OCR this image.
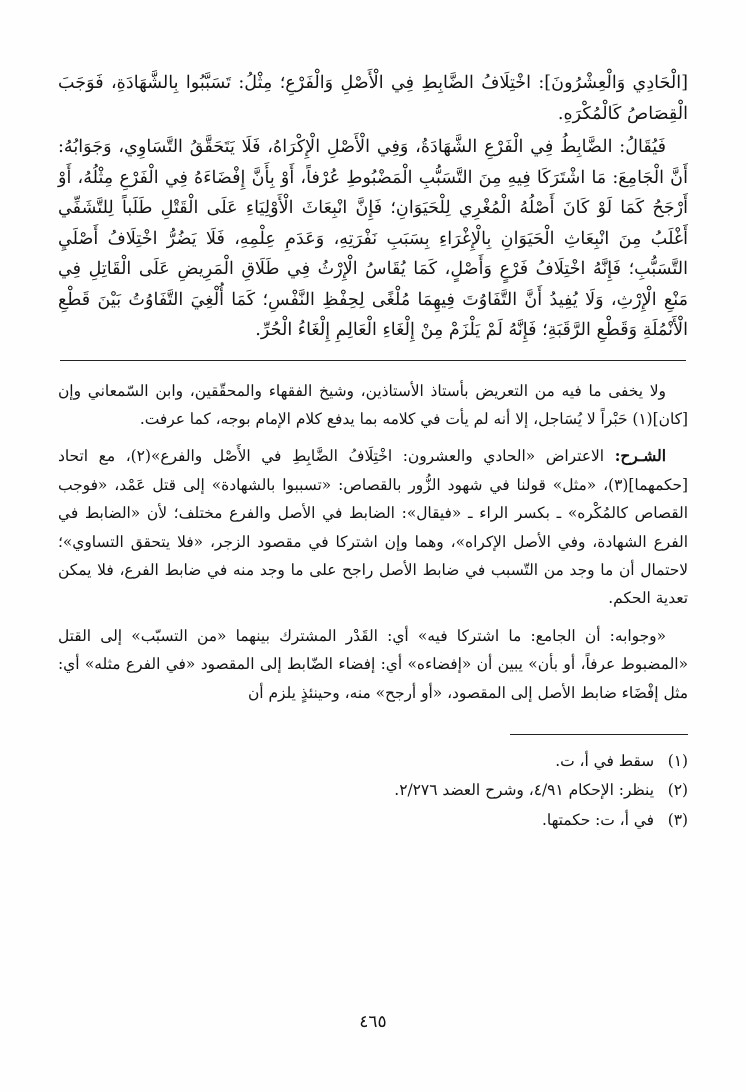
[الْحَادِي وَالْعِشْرُونَ]: اخْتِلَافُ الضَّابِطِ فِي الْأَصْلِ وَالْفَرْعِ؛ مِثْلُ: تَسَبَّبُوا بِالشَّهَادَةِ، فَوَجَبَ الْقِصَاصُ كَالْمُكْرَهِ.

فَيُقَالُ: الضَّابِطُ فِي الْفَرْعِ الشَّهَادَةُ، وَفِي الْأَصْلِ الْإِكْرَاهُ، فَلَا يَتَحَقَّقُ التَّسَاوِي، وَجَوَابُهُ: أَنَّ الْجَامِعَ: مَا اشْتَرَكَا فِيهِ مِنَ التَّسَبُّبِ الْمَضْبُوطِ عُرْفاً، أَوْ بِأَنَّ إِفْضَاءَهُ فِي الْفَرْعِ مِثْلُهُ، أَوْ أَرْجَحُ كَمَا لَوْ كَانَ أَصْلُهُ الْمُغْرِي لِلْحَيَوَانِ؛ فَإِنَّ انْبِعَاثَ الْأَوْلِيَاءِ عَلَى الْقَتْلِ طَلَباً لِلتَّشَفِّي أَغْلَبُ مِنَ انْبِعَاثِ الْحَيَوَانِ بِالْإِغْرَاءِ بِسَبَبِ نَفْرَتِهِ، وَعَدَمِ عِلْمِهِ، فَلَا يَضُرُّ اخْتِلَافُ أَصْلَيِ التَّسَبُّبِ؛ فَإِنَّهُ اخْتِلَافُ فَرْعٍ وَأَصْلٍ، كَمَا يُقَاسُ الْإِرْثُ فِي طَلَاقِ الْمَرِيضِ عَلَى الْقَاتِلِ فِي مَنْعِ الْإِرْثِ، وَلَا يُفِيدُ أَنَّ التَّفَاوُتَ فِيهِمَا مُلْغًى لِحِفْظِ النَّفْسِ؛ كَمَا أُلْغِيَ التَّفَاوُتُ بَيْنَ قَطْعِ الْأَنْمُلَةِ وَقَطْعِ الرَّقَبَةِ؛ فَإِنَّهُ لَمْ يَلْزَمْ مِنْ إِلْغَاءِ الْعَالِمِ إِلْغَاءُ الْحُرِّ.

ولا يخفى ما فيه من التعريض بأستاذ الأستاذين، وشيخ الفقهاء والمحقّقين، وابن السّمعاني وإن [كان](١) حَبْراً لا يُسَاجل، إلا أنه لم يأت في كلامه بما يدفع كلام الإمام بوجه، كما عرفت.

الشـرح: الاعتراض «الحادي والعشرون: اخْتِلَافُ الضَّابِطِ في الأَصْل والفرع»(٢)، مع اتحاد [حكمهما](٣)، «مثل» قولنا في شهود الزُّور بالقصاص: «تسببوا بالشهادة» إلى قتل عَمْد، «فوجب القصاص كالمُكْره» ـ بكسر الراء ـ «فيقال»: الضابط في الأصل والفرع مختلف؛ لأن «الضابط في الفرع الشهادة، وفي الأصل الإكراه»، وهما وإن اشتركا في مقصود الزجر، «فلا يتحقق التساوي»؛ لاحتمال أن ما وجد من التّسبب في ضابط الأصل راجح على ما وجد منه في ضابط الفرع، فلا يمكن تعدية الحكم.

«وجوابه: أن الجامع: ما اشتركا فيه» أي: القَدْر المشترك بينهما «من التسبّب» إلى القتل «المضبوط عرفاً، أو بأن» يبين أن «إفضاءه» أي: إفضاء الضّابط إلى المقصود «في الفرع مثله» أي: مثل إفْضَاء ضابط الأصل إلى المقصود، «أو أرجح» منه، وحينئذٍ يلزم أن

(١)
سقط في أ، ت.
(٢)
ينظر: الإحكام ٤/٩١، وشرح العضد ٢/٢٧٦.
(٣)
في أ، ت: حكمتها.
٤٦٥
